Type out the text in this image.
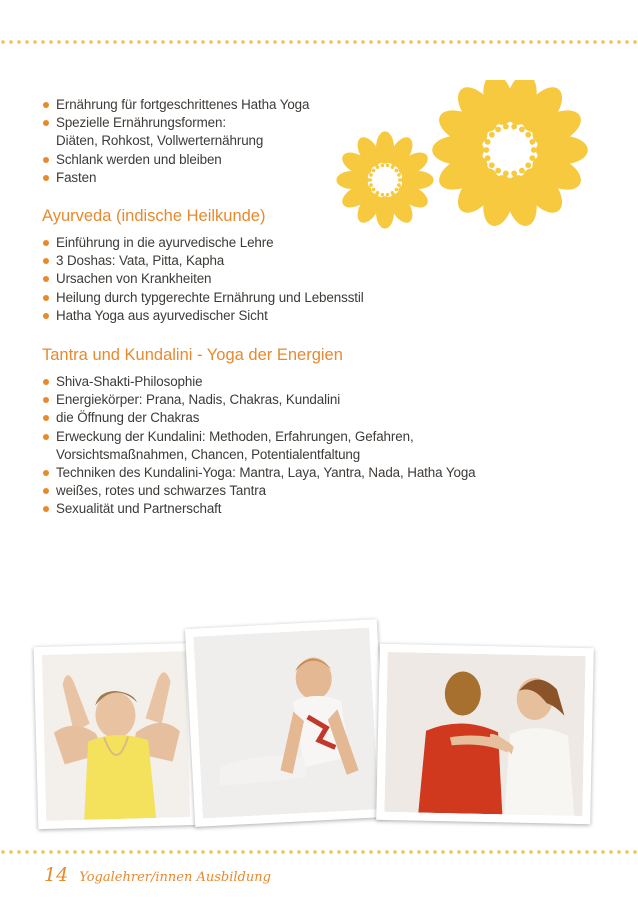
Ernährung für fortgeschrittenes Hatha Yoga
Spezielle Ernährungsformen:
Diäten, Rohkost, Vollwerternährung
Schlank werden und bleiben
Fasten
Ayurveda (indische Heilkunde)
Einführung in die ayurvedische Lehre
3 Doshas: Vata, Pitta, Kapha
Ursachen von Krankheiten
Heilung durch typgerechte Ernährung und Lebensstil
Hatha Yoga aus ayurvedischer Sicht
Tantra und Kundalini - Yoga der Energien
Shiva-Shakti-Philosophie
Energiekörper: Prana, Nadis, Chakras, Kundalini
die Öffnung der Chakras
Erweckung der Kundalini: Methoden, Erfahrungen, Gefahren,
Vorsichtsmaßnahmen, Chancen, Potentialentfaltung
Techniken des Kundalini-Yoga: Mantra, Laya, Yantra, Nada, Hatha Yoga
weißes, rotes und schwarzes Tantra
Sexualität und Partnerschaft
14 Yogalehrer/innen Ausbildung
